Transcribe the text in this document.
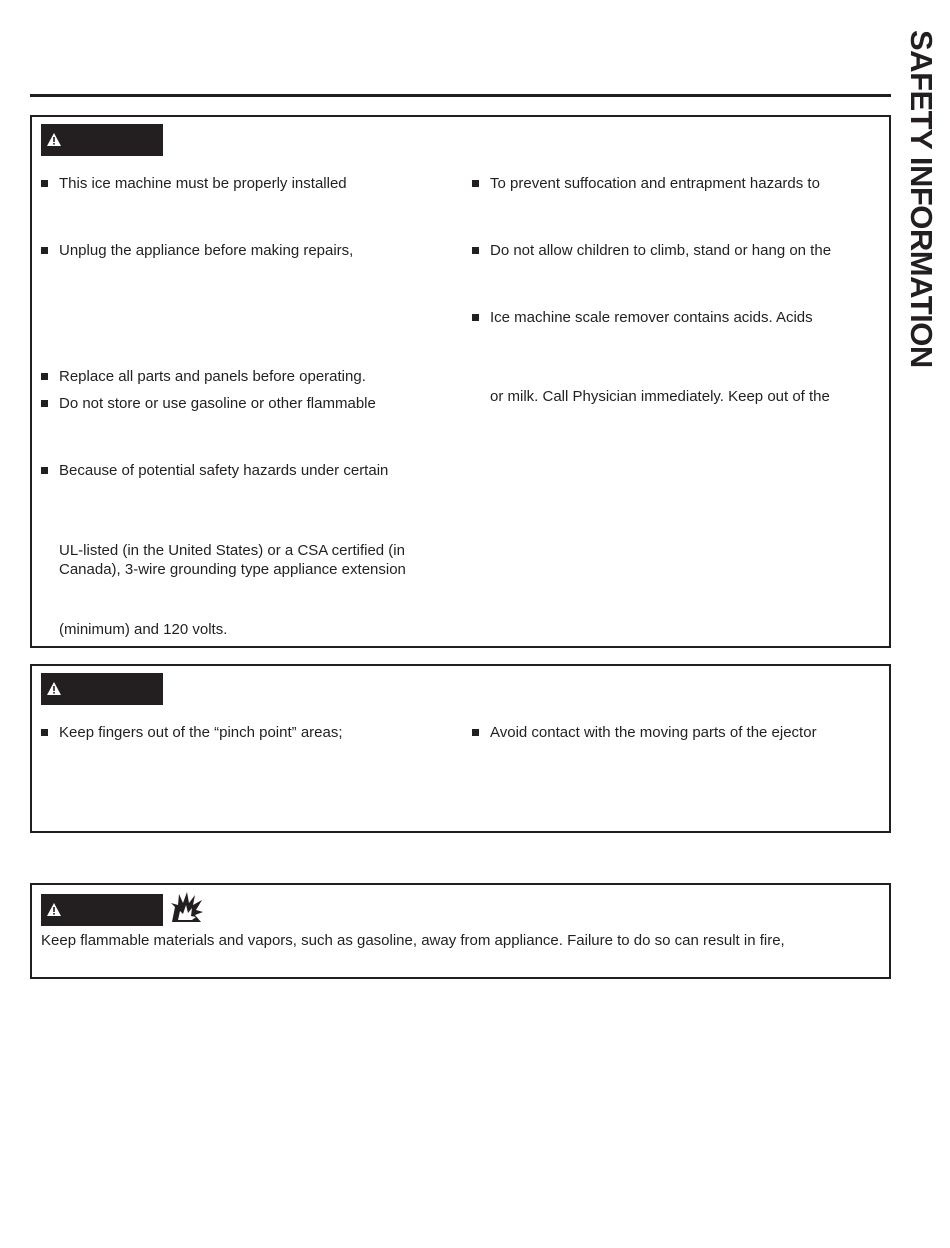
SAFETY INFORMATION
This ice machine must be properly installed
Unplug the appliance before making repairs,
Replace all parts and panels before operating.
Do not store or use gasoline or other flammable
Because of potential safety hazards under certain
UL-listed (in the United States) or a CSA certified (in
Canada), 3-wire grounding type appliance extension
(minimum) and 120 volts.
To prevent suffocation and entrapment hazards to
Do not allow children to climb, stand or hang on the
Ice machine scale remover contains acids. Acids
or milk. Call Physician immediately. Keep out of the
Keep fingers out of the “pinch point” areas;	Avoid contact with the moving parts of the ejector
Keep flammable materials and vapors, such as gasoline, away from appliance. Failure to do so can result in fire,
